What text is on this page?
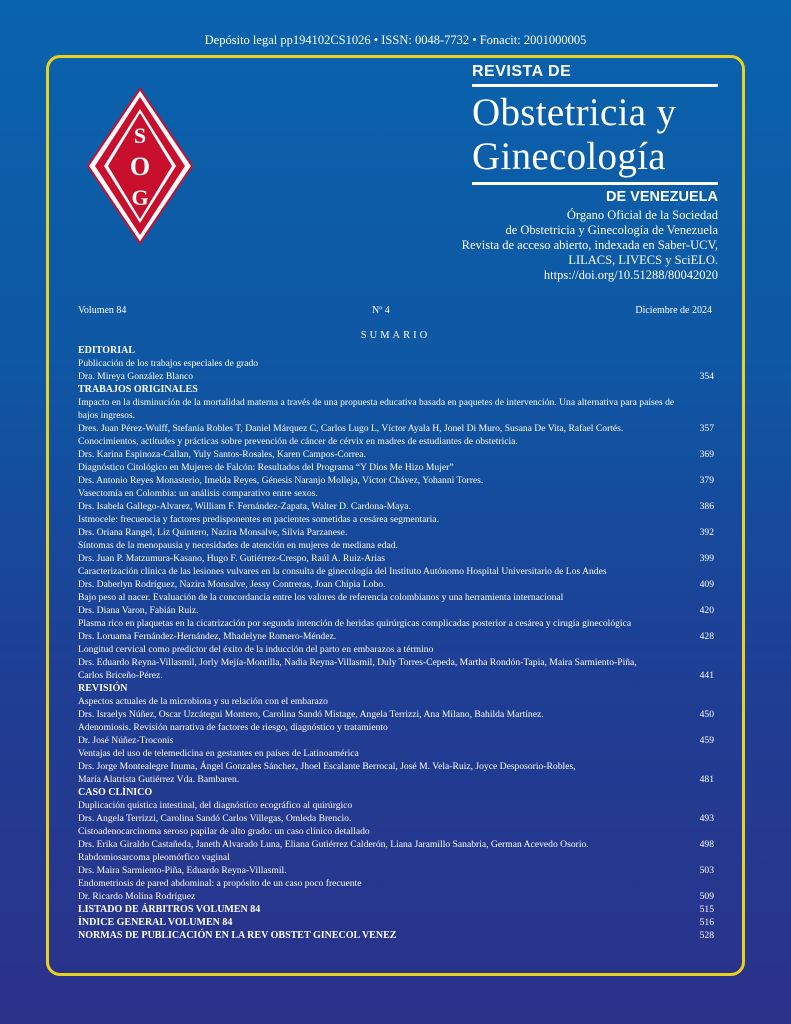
Depósito legal pp194102CS1026 • ISSN: 0048-7732 • Fonacit: 2001000005
S
O
G
REVISTA DE
Obstetricia y
Ginecología
DE VENEZUELA
Órgano Oficial de la Sociedad
de Obstetricia y Ginecología de Venezuela
Revista de acceso abierto, indexada en Saber-UCV,
LILACS, LIVECS y SciELO.
https://doi.org/10.51288/80042020
Volumen 84	Nº 4	Diciembre de 2024
SUMARIO
EDITORIAL
Publicación de los trabajos especiales de grado
Dra. Mireya González Blanco	354
TRABAJOS ORIGINALES
Impacto en la disminución de la mortalidad materna a través de una propuesta educativa basada en paquetes de intervención. Una alternativa para países de bajos ingresos.
Dres. Juan Pérez-Wulff, Stefanía Robles T, Daniel Márquez C, Carlos Lugo L, Víctor Ayala H, Jonel Di Muro, Susana De Vita, Rafael Cortés.	357
Conocimientos, actitudes y prácticas sobre prevención de cáncer de cérvix en madres de estudiantes de obstetricia.
Drs. Karina Espinoza-Callan, Yuly Santos-Rosales, Karen Campos-Correa.	369
Diagnóstico Citológico en Mujeres de Falcón: Resultados del Programa “Y Dios Me Hizo Mujer”
Drs. Antonio Reyes Monasterio, Imelda Reyes, Génesis Naranjo Molleja, Víctor Chávez, Yohanni Torres.	379
Vasectomía en Colombia: un análisis comparativo entre sexos.
Drs. Isabela Gallego-Alvarez, William F. Fernández-Zapata, Walter D. Cardona-Maya.	386
Istmocele: frecuencia y factores predisponentes en pacientes sometidas a cesárea segmentaria.
Drs. Oriana Rangel, Liz Quintero, Nazira Monsalve, Silvia Parzanese.	392
Síntomas de la menopausia y necesidades de atención en mujeres de mediana edad.
Drs. Juan P. Matzumura-Kasano, Hugo F. Gutiérrez-Crespo, Raúl A. Ruiz-Arias	399
Caracterización clínica de las lesiones vulvares en la consulta de ginecología del Instituto Autónomo Hospital Universitario de Los Andes
Drs. Daberlyn Rodríguez, Nazira Monsalve, Jessy Contreras, Joan Chipia Lobo.	409
Bajo peso al nacer. Evaluación de la concordancia entre los valores de referencia colombianos y una herramienta internacional
Drs. Diana Varon, Fabián Ruiz.	420
Plasma rico en plaquetas en la cicatrización por segunda intención de heridas quirúrgicas complicadas posterior a cesárea y cirugía ginecológica
Drs. Loruama Fernández-Hernández, Mhadelyne Romero-Méndez.	428
Longitud cervical como predictor del éxito de la inducción del parto en embarazos a término
Drs. Eduardo Reyna-Villasmil, Jorly Mejía-Montilla, Nadia Reyna-Villasmil, Duly Torres-Cepeda, Martha Rondón-Tapia, Maira Sarmiento-Piña,
Carlos Briceño-Pérez.	441
REVISIÓN
Aspectos actuales de la microbiota y su relación con el embarazo
Drs. Israelys Núñez, Oscar Uzcátegui Montero, Carolina Sandó Mistage, Angela Terrizzi, Ana Milano, Bahilda Martínez.	450
Adenomiosis. Revisión narrativa de factores de riesgo, diagnóstico y tratamiento
Dr. José Núñez-Troconis	459
Ventajas del uso de telemedicina en gestantes en países de Latinoamérica
Drs. Jorge Montealegre Inuma, Ángel Gonzales Sánchez, Jhoel Escalante Berrocal, José M. Vela-Ruiz, Joyce Desposorio-Robles,
María Alatrista Gutiérrez Vda. Bambaren.	481
CASO CLÍNICO
Duplicación quística intestinal, del diagnóstico ecográfico al quirúrgico
Drs. Angela Terrizzi, Carolina Sandó Carlos Villegas, Omleda Brencio.	493
Cistoadenocarcinoma seroso papilar de alto grado: un caso clínico detallado
Drs. Erika Giraldo Castañeda, Janeth Alvarado Luna, Eliana Gutiérrez Calderón, Liana Jaramillo Sanabria, German Acevedo Osorio.	498
Rabdomiosarcoma pleomórfico vaginal
Drs. Maira Sarmiento-Piña, Eduardo Reyna-Villasmil.	503
Endometriosis de pared abdominal: a propósito de un caso poco frecuente
Dr. Ricardo Molina Rodríguez	509
LISTADO DE ÁRBITROS VOLUMEN 84	515
ÍNDICE GENERAL VOLUMEN 84	516
NORMAS DE PUBLICACIÓN EN LA REV OBSTET GINECOL VENEZ	528
